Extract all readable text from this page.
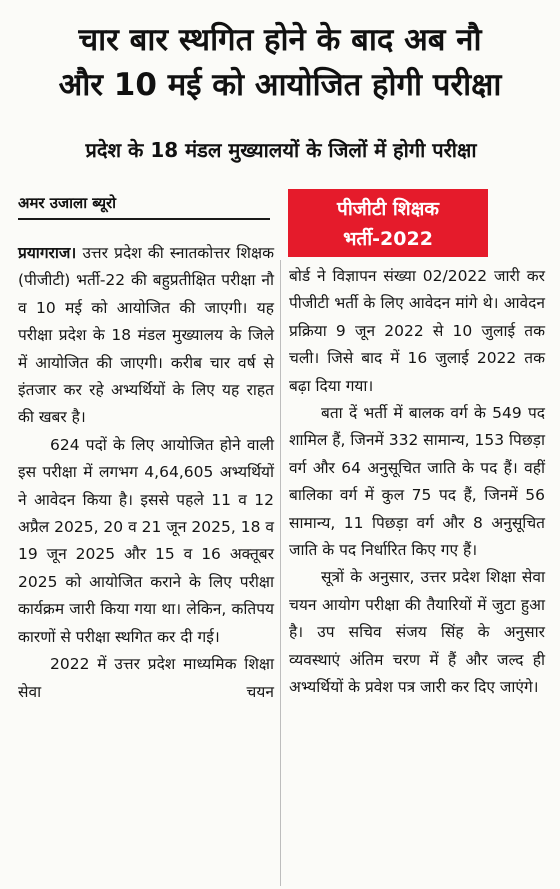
चार बार स्थगित होने के बाद अब नौ
और 10 मई को आयोजित होगी परीक्षा
प्रदेश के 18 मंडल मुख्यालयों के जिलों में होगी परीक्षा
अमर उजाला ब्यूरो	पीजीटी शिक्षक
भर्ती-2022

प्रयागराज। उत्तर प्रदेश की स्नातकोत्तर शिक्षक (पीजीटी) भर्ती-22 की बहुप्रतीक्षित परीक्षा नौ व 10 मई को आयोजित की जाएगी। यह परीक्षा प्रदेश के 18 मंडल मुख्यालय के जिले में आयोजित की जाएगी। करीब चार वर्ष से इंतजार कर रहे अभ्यर्थियों के लिए यह राहत की खबर है।

624 पदों के लिए आयोजित होने वाली इस परीक्षा में लगभग 4,64,605 अभ्यर्थियों ने आवेदन किया है। इससे पहले 11 व 12 अप्रैल 2025, 20 व 21 जून 2025, 18 व 19 जून 2025 और 15 व 16 अक्तूबर 2025 को आयोजित कराने के लिए परीक्षा कार्यक्रम जारी किया गया था। लेकिन, कतिपय कारणों से परीक्षा स्थगित कर दी गई।

2022 में उत्तर प्रदेश माध्यमिक शिक्षा सेवा चयन

बोर्ड ने विज्ञापन संख्या 02/2022 जारी कर पीजीटी भर्ती के लिए आवेदन मांगे थे। आवेदन प्रक्रिया 9 जून 2022 से 10 जुलाई तक चली। जिसे बाद में 16 जुलाई 2022 तक बढ़ा दिया गया।

बता दें भर्ती में बालक वर्ग के 549 पद शामिल हैं, जिनमें 332 सामान्य, 153 पिछड़ा वर्ग और 64 अनुसूचित जाति के पद हैं। वहीं बालिका वर्ग में कुल 75 पद हैं, जिनमें 56 सामान्य, 11 पिछड़ा वर्ग और 8 अनुसूचित जाति के पद निर्धारित किए गए हैं।

सूत्रों के अनुसार, उत्तर प्रदेश शिक्षा सेवा चयन आयोग परीक्षा की तैयारियों में जुटा हुआ है। उप सचिव संजय सिंह के अनुसार व्यवस्थाएं अंतिम चरण में हैं और जल्द ही अभ्यर्थियों के प्रवेश पत्र जारी कर दिए जाएंगे।
